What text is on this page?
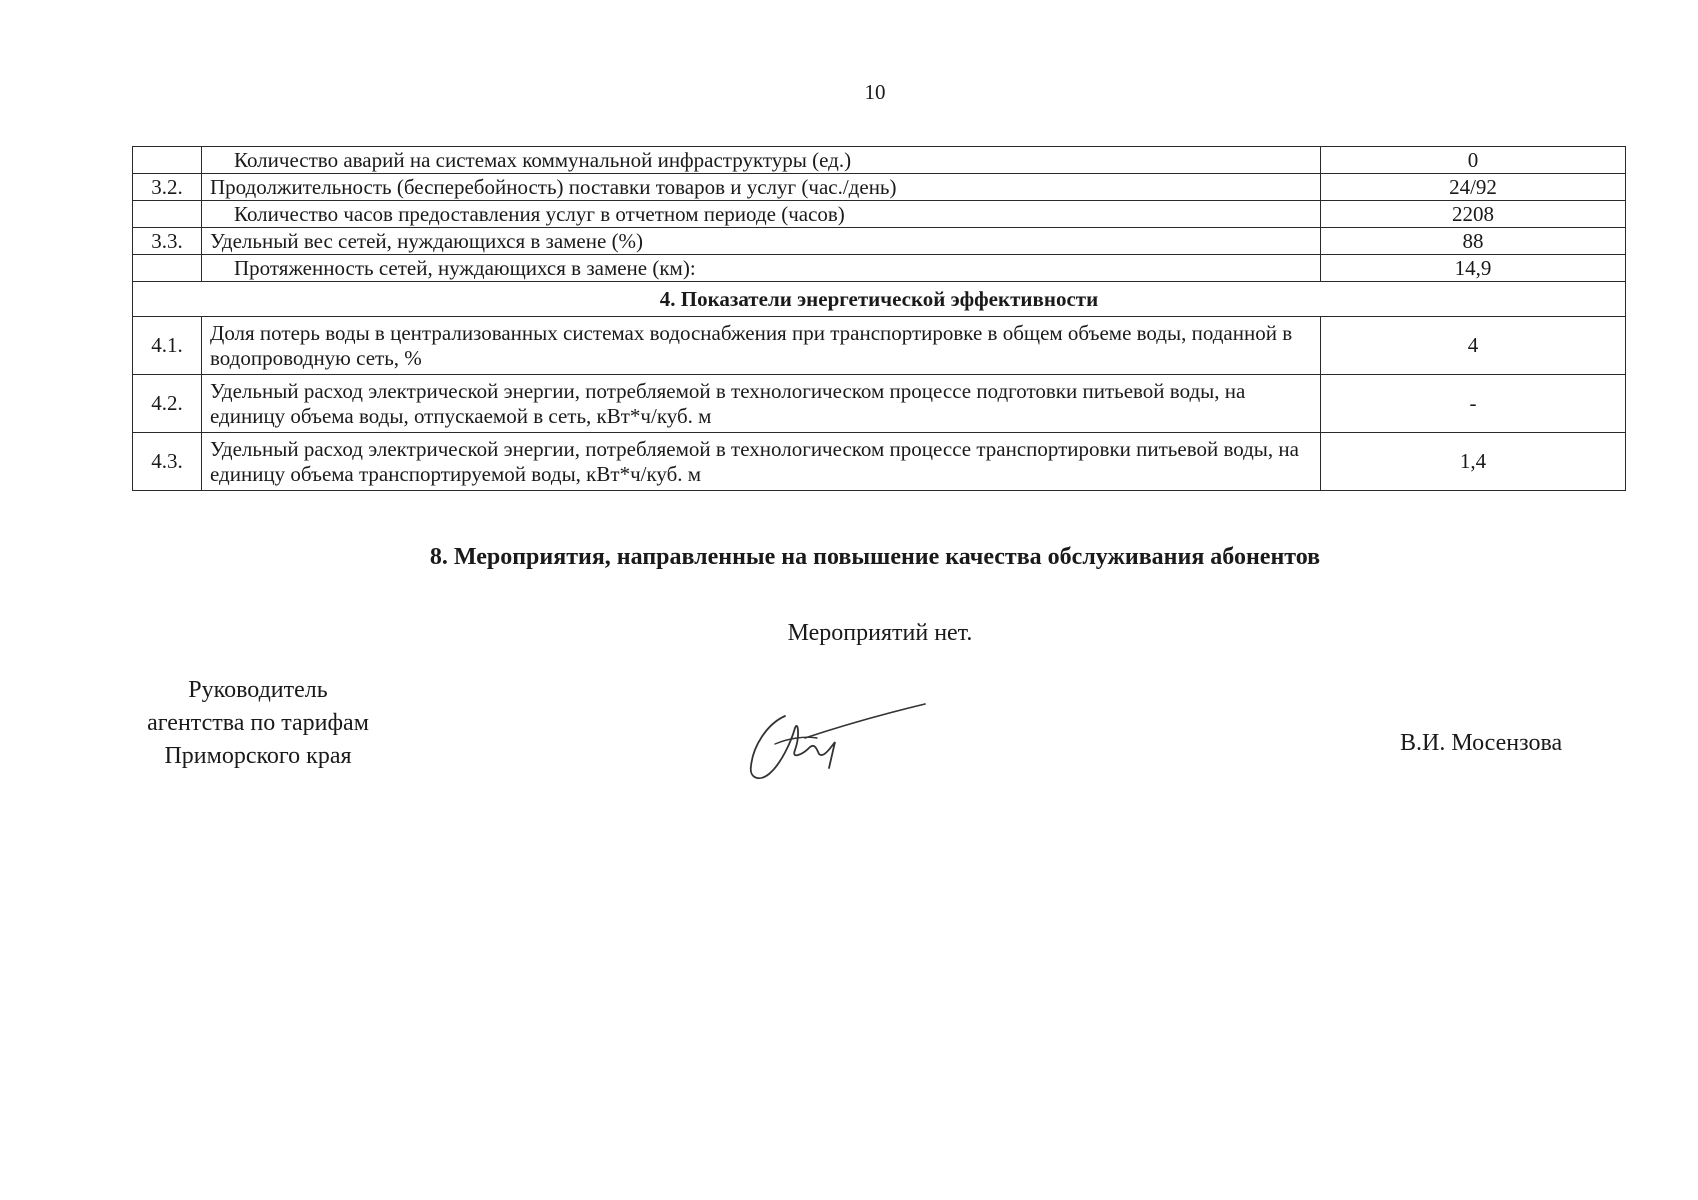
10
	Количество аварий на системах коммунальной инфраструктуры (ед.)	0
3.2.	Продолжительность (бесперебойность) поставки товаров и услуг (час./день)	24/92
	Количество часов предоставления услуг в отчетном периоде (часов)	2208
3.3.	Удельный вес сетей, нуждающихся в замене (%)	88
	Протяженность сетей, нуждающихся в замене (км):	14,9
4. Показатели энергетической эффективности		
4.1.	Доля потерь воды в централизованных системах водоснабжения при транспортировке в общем объеме воды, поданной в водопроводную сеть, %	4
4.2.	Удельный расход электрической энергии, потребляемой в технологическом процессе подготовки питьевой воды, на единицу объема воды, отпускаемой в сеть, кВт*ч/куб. м	-
4.3.	Удельный расход электрической энергии, потребляемой в технологическом процессе транспортировки питьевой воды, на единицу объема транспортируемой воды, кВт*ч/куб. м	1,4
8. Мероприятия, направленные на повышение качества обслуживания абонентов
Мероприятий нет.
Руководитель
агентства по тарифам
Приморского края	В.И. Мосензова
